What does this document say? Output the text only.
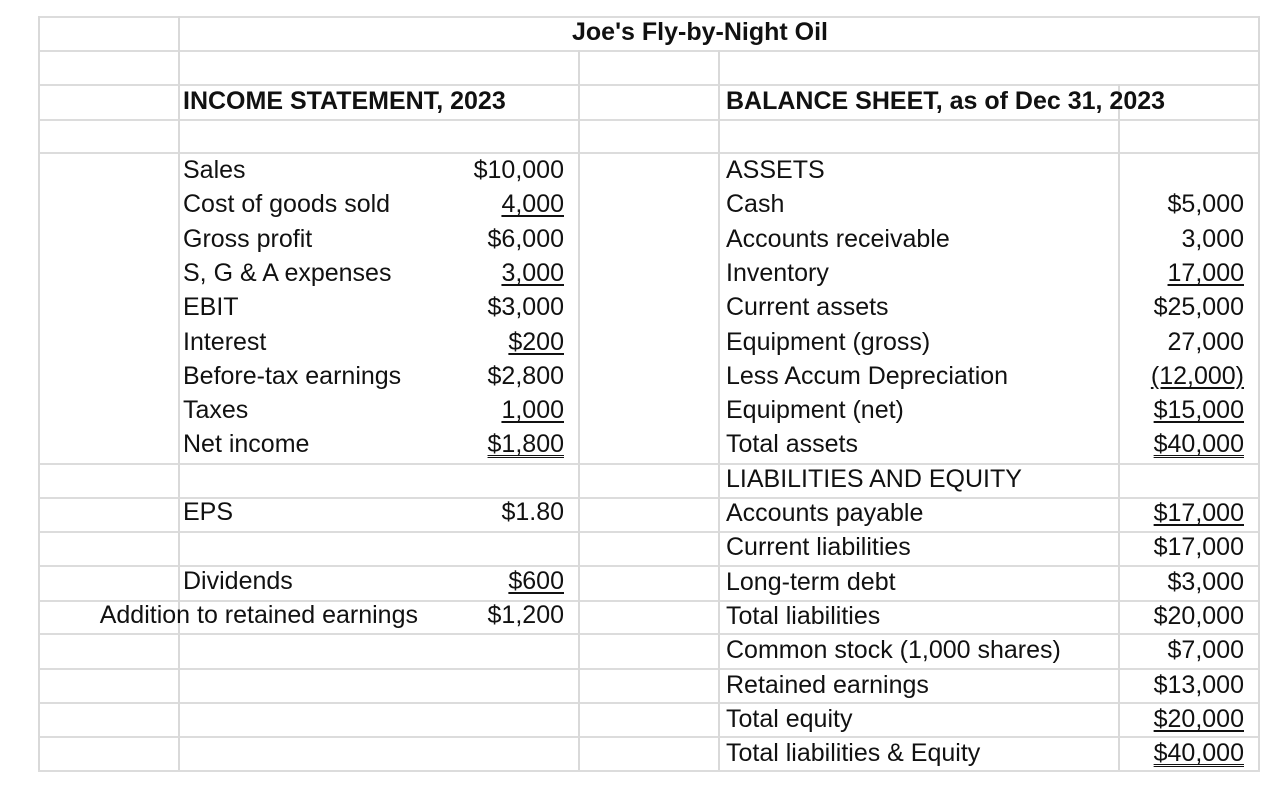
Joe's Fly-by-Night Oil
INCOME STATEMENT, 2023	BALANCE SHEET, as of Dec 31, 2023
Sales	$10,000
Cost of goods sold	4,000
Gross profit	$6,000
S, G & A expenses	3,000
EBIT	$3,000
Interest	$200
Before-tax earnings	$2,800
Taxes	1,000
Net income	$1,800
EPS	$1.80
Dividends	$600
Addition to retained earnings	$1,200
ASSETS
Cash	$5,000
Accounts receivable	3,000
Inventory	17,000
Current assets	$25,000
Equipment (gross)	27,000
Less Accum Depreciation	(12,000)
Equipment (net)	$15,000
Total assets	$40,000
LIABILITIES AND EQUITY
Accounts payable	$17,000
Current liabilities	$17,000
Long-term debt	$3,000
Total liabilities	$20,000
Common stock (1,000 shares)	$7,000
Retained earnings	$13,000
Total equity	$20,000
Total liabilities & Equity	$40,000
